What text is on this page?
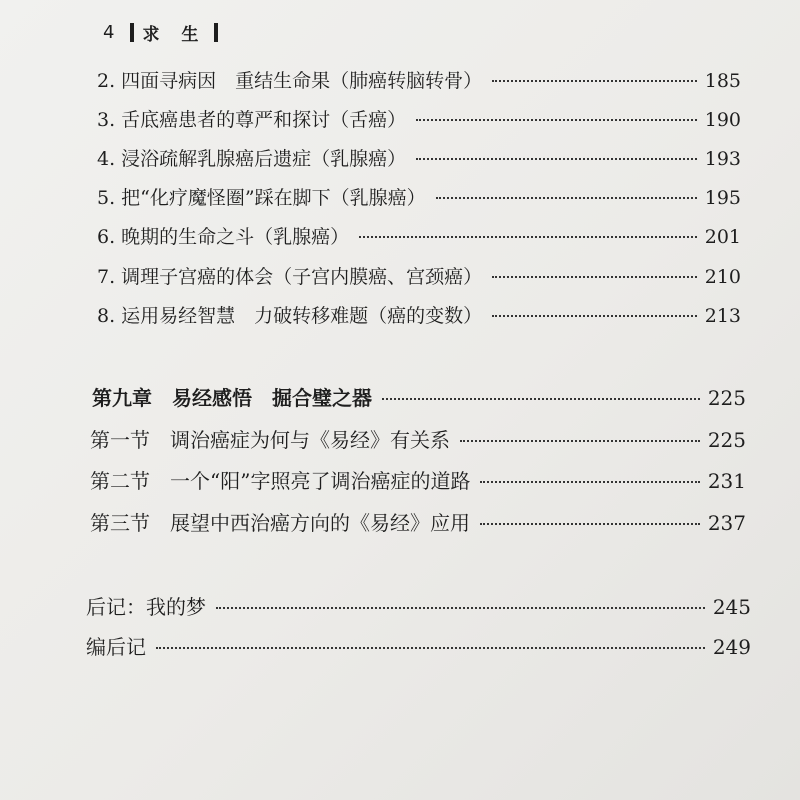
4 求 生
2. 四面寻病因　重结生命果（肺癌转脑转骨）	185
3. 舌底癌患者的尊严和探讨（舌癌）	190
4. 浸浴疏解乳腺癌后遗症（乳腺癌）	193
5. 把“化疗魔怪圈”踩在脚下（乳腺癌）	195
6. 晚期的生命之斗（乳腺癌）	201
7. 调理子宫癌的体会（子宫内膜癌、宫颈癌）	210
8. 运用易经智慧　力破转移难题（癌的变数）	213
第九章　易经感悟　掘合璧之器	225
第一节　调治癌症为何与《易经》有关系	225
第二节　一个“阳”字照亮了调治癌症的道路	231
第三节　展望中西治癌方向的《易经》应用	237
后记：我的梦	245
编后记	249
